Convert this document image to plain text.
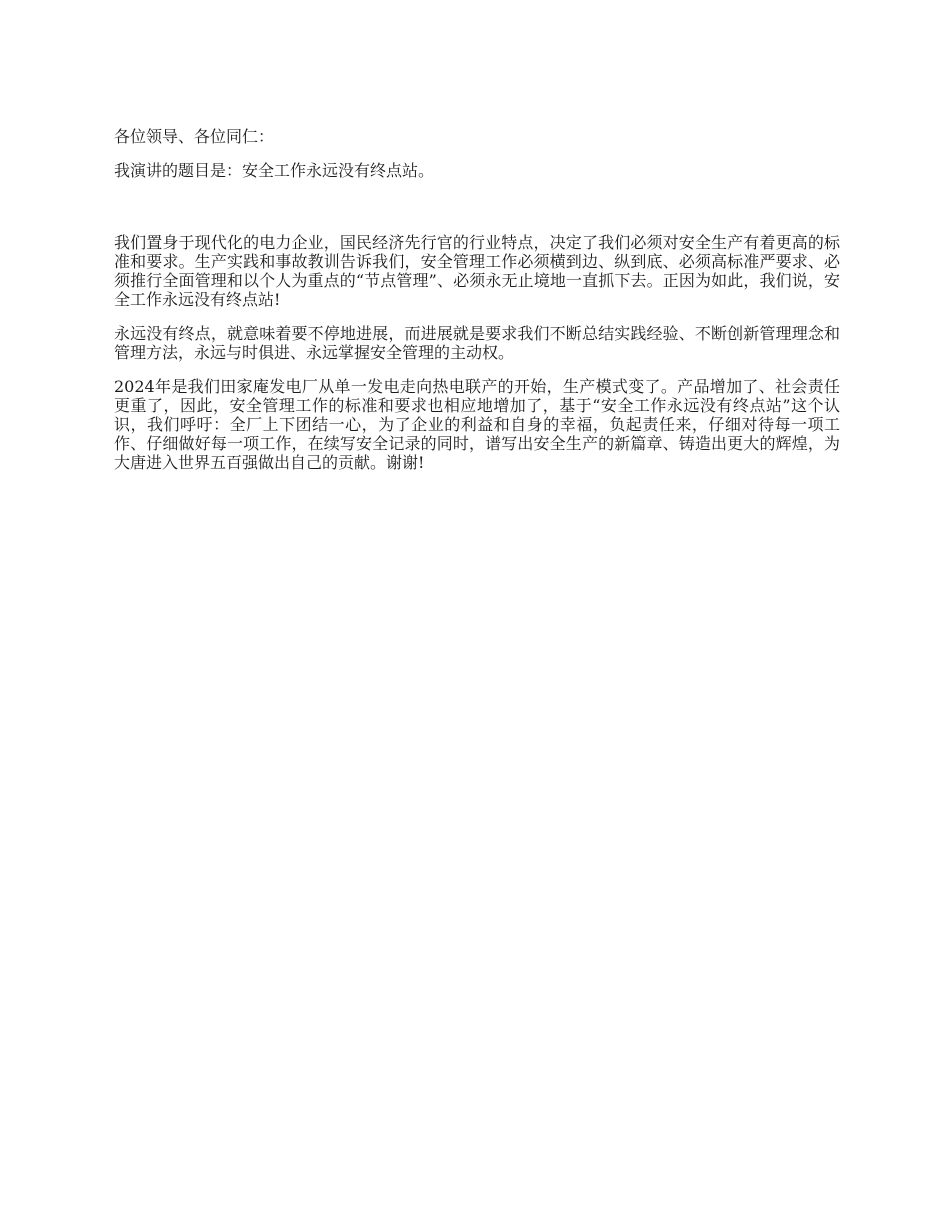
各位领导、各位同仁：

我演讲的题目是：安全工作永远没有终点站。

我们置身于现代化的电力企业，国民经济先行官的行业特点，决定了我们必须对安全生产有着更高的标准和要求。生产实践和事故教训告诉我们，安全管理工作必须横到边、纵到底、必须高标准严要求、必须推行全面管理和以个人为重点的“节点管理”、必须永无止境地一直抓下去。正因为如此，我们说，安全工作永远没有终点站!

永远没有终点，就意味着要不停地进展，而进展就是要求我们不断总结实践经验、不断创新管理理念和管理方法，永远与时俱进、永远掌握安全管理的主动权。

2024年是我们田家庵发电厂从单一发电走向热电联产的开始，生产模式变了。产品增加了、社会责任更重了，因此，安全管理工作的标准和要求也相应地增加了，基于“安全工作永远没有终点站”这个认识，我们呼吁：全厂上下团结一心，为了企业的利益和自身的幸福，负起责任来，仔细对待每一项工作、仔细做好每一项工作，在续写安全记录的同时，谱写出安全生产的新篇章、铸造出更大的辉煌，为大唐进入世界五百强做出自己的贡献。谢谢!
